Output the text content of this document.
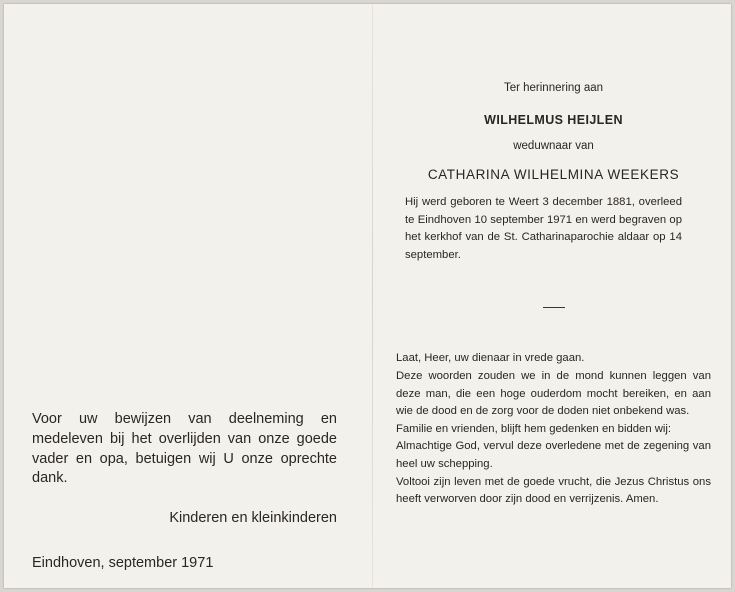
Voor uw bewijzen van deelneming en medeleven bij het overlijden van onze goede vader en opa, betuigen wij U onze oprechte dank.

Kinderen en kleinkinderen

Eindhoven, september 1971

Ter herinnering aan

WILHELMUS HEIJLEN

weduwnaar van

CATHARINA WILHELMINA WEEKERS

Hij werd geboren te Weert 3 december 1881, overleed te Eindhoven 10 september 1971 en werd begraven op het kerkhof van de St. Catharinaparochie aldaar op 14 september.

Laat, Heer, uw dienaar in vrede gaan.

Deze woorden zouden we in de mond kunnen leggen van deze man, die een hoge ouderdom mocht bereiken, en aan wie de dood en de zorg voor de doden niet onbekend was.

Familie en vrienden, blijft hem gedenken en bidden wij:

Almachtige God, vervul deze overledene met de zegening van heel uw schepping.

Voltooi zijn leven met de goede vrucht, die Jezus Christus ons heeft verworven door zijn dood en verrijzenis. Amen.
